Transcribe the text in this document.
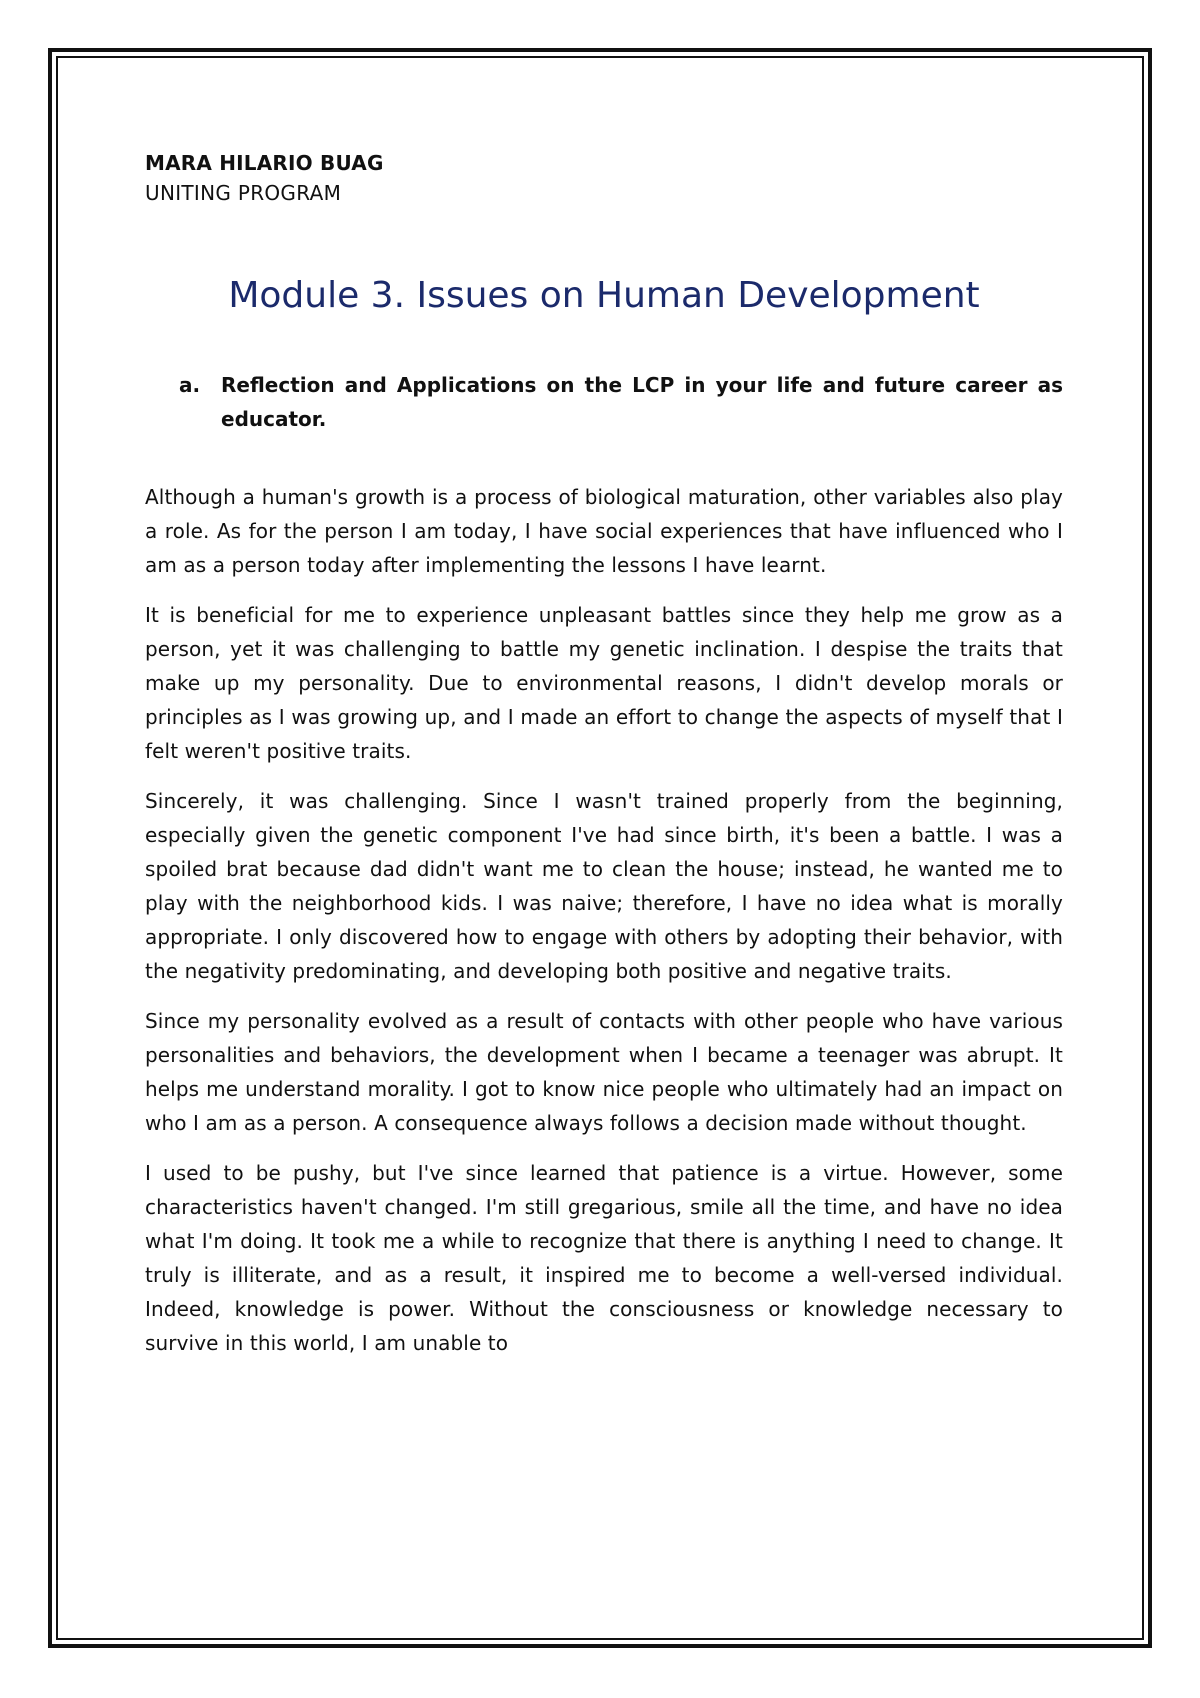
MARA HILARIO BUAG

UNITING PROGRAM

Module 3. Issues on Human Development
a.	Reflection and Applications on the LCP in your life and future career as educator.

Although a human's growth is a process of biological maturation, other variables also play a role. As for the person I am today, I have social experiences that have influenced who I am as a person today after implementing the lessons I have learnt.

It is beneficial for me to experience unpleasant battles since they help me grow as a person, yet it was challenging to battle my genetic inclination. I despise the traits that make up my personality. Due to environmental reasons, I didn't develop morals or principles as I was growing up, and I made an effort to change the aspects of myself that I felt weren't positive traits.

Sincerely, it was challenging. Since I wasn't trained properly from the beginning, especially given the genetic component I've had since birth, it's been a battle. I was a spoiled brat because dad didn't want me to clean the house; instead, he wanted me to play with the neighborhood kids. I was naive; therefore, I have no idea what is morally appropriate. I only discovered how to engage with others by adopting their behavior, with the negativity predominating, and developing both positive and negative traits.

Since my personality evolved as a result of contacts with other people who have various personalities and behaviors, the development when I became a teenager was abrupt. It helps me understand morality. I got to know nice people who ultimately had an impact on who I am as a person. A consequence always follows a decision made without thought.

I used to be pushy, but I've since learned that patience is a virtue. However, some characteristics haven't changed. I'm still gregarious, smile all the time, and have no idea what I'm doing. It took me a while to recognize that there is anything I need to change. It truly is illiterate, and as a result, it inspired me to become a well-versed individual. Indeed, knowledge is power. Without the consciousness or knowledge necessary to survive in this world, I am unable to
